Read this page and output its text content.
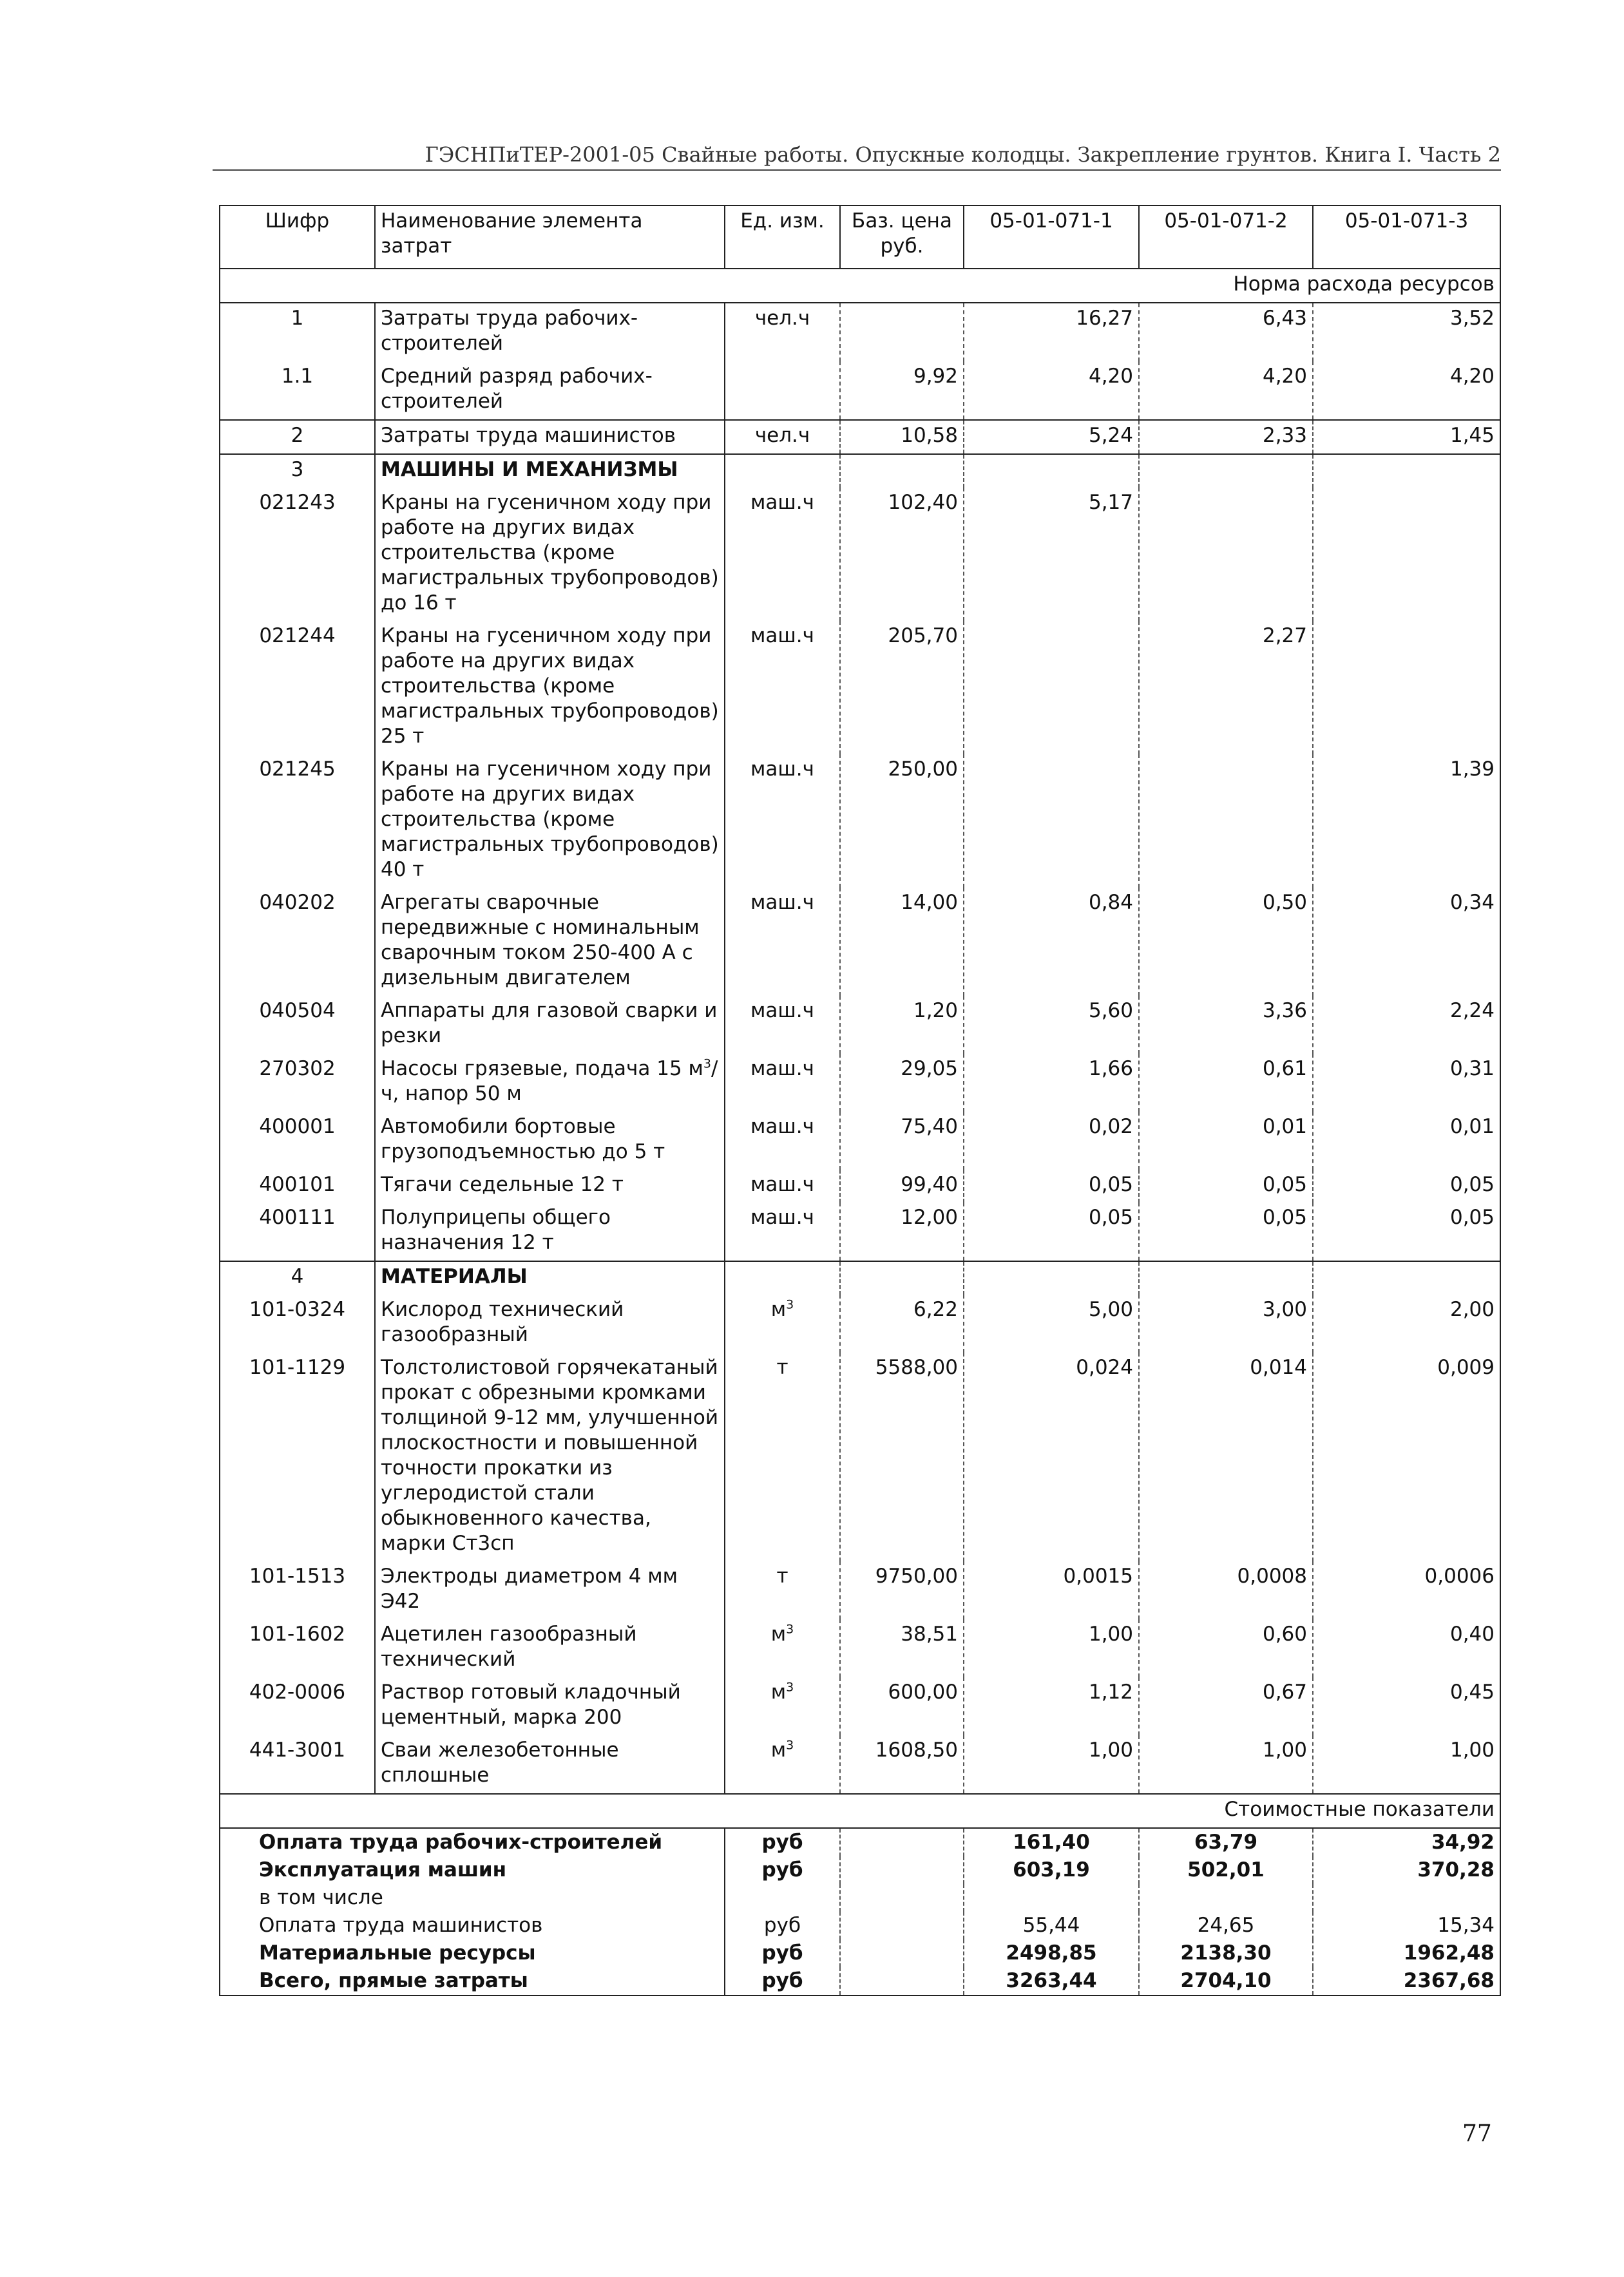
ГЭСНПиТЕР-2001-05 Свайные работы. Опускные колодцы. Закрепление грунтов. Книга I. Часть 2
Шифр	Наименование элемента затрат	Ед. изм.	Баз. цена руб.	05-01-071-1	05-01-071-2	05-01-071-3
Норма расхода ресурсов						
1	Затраты труда рабочих-строителей	чел.ч		16,27	6,43	3,52
1.1	Средний разряд рабочих-строителей		9,92	4,20	4,20	4,20
2	Затраты труда машинистов	чел.ч	10,58	5,24	2,33	1,45
3	МАШИНЫ И МЕХАНИЗМЫ					
021243	Краны на гусеничном ходу при работе на других видах строительства (кроме магистральных трубопроводов) до 16 т	маш.ч	102,40	5,17		
021244	Краны на гусеничном ходу при работе на других видах строительства (кроме магистральных трубопроводов) 25 т	маш.ч	205,70		2,27	
021245	Краны на гусеничном ходу при работе на других видах строительства (кроме магистральных трубопроводов) 40 т	маш.ч	250,00			1,39
040202	Агрегаты сварочные передвижные с номинальным сварочным током 250-400 А с дизельным двигателем	маш.ч	14,00	0,84	0,50	0,34
040504	Аппараты для газовой сварки и резки	маш.ч	1,20	5,60	3,36	2,24
270302	Насосы грязевые, подача 15 $м^3/ч$, напор 50 м	маш.ч	29,05	1,66	0,61	0,31
400001	Автомобили бортовые грузоподъемностью до 5 т	маш.ч	75,40	0,02	0,01	0,01
400101	Тягачи седельные 12 т	маш.ч	99,40	0,05	0,05	0,05
400111	Полуприцепы общего назначения 12 т	маш.ч	12,00	0,05	0,05	0,05
4	МАТЕРИАЛЫ					
101-0324	Кислород технический газообразный	$м^3$	6,22	5,00	3,00	2,00
101-1129	Толстолистовой горячекатаный прокат с обрезными кромками толщиной 9-12 мм, улучшенной плоскостности и повышенной точности прокатки из углеродистой стали обыкновенного качества, марки Ст3сп	т	5588,00	0,024	0,014	0,009
101-1513	Электроды диаметром 4 мм Э42	т	9750,00	0,0015	0,0008	0,0006
101-1602	Ацетилен газообразный технический	$м^3$	38,51	1,00	0,60	0,40
402-0006	Раствор готовый кладочный цементный, марка 200	$м^3$	600,00	1,12	0,67	0,45
441-3001	Сваи железобетонные сплошные	$м^3$	1608,50	1,00	1,00	1,00
Стоимостные показатели						
Оплата труда рабочих-строителей		руб		161,40	63,79	34,92
Эксплуатация машин		руб		603,19	502,01	370,28
в том числе						
Оплата труда машинистов		руб		55,44	24,65	15,34
Материальные ресурсы		руб		2498,85	2138,30	1962,48
Всего, прямые затраты		руб		3263,44	2704,10	2367,68
77
